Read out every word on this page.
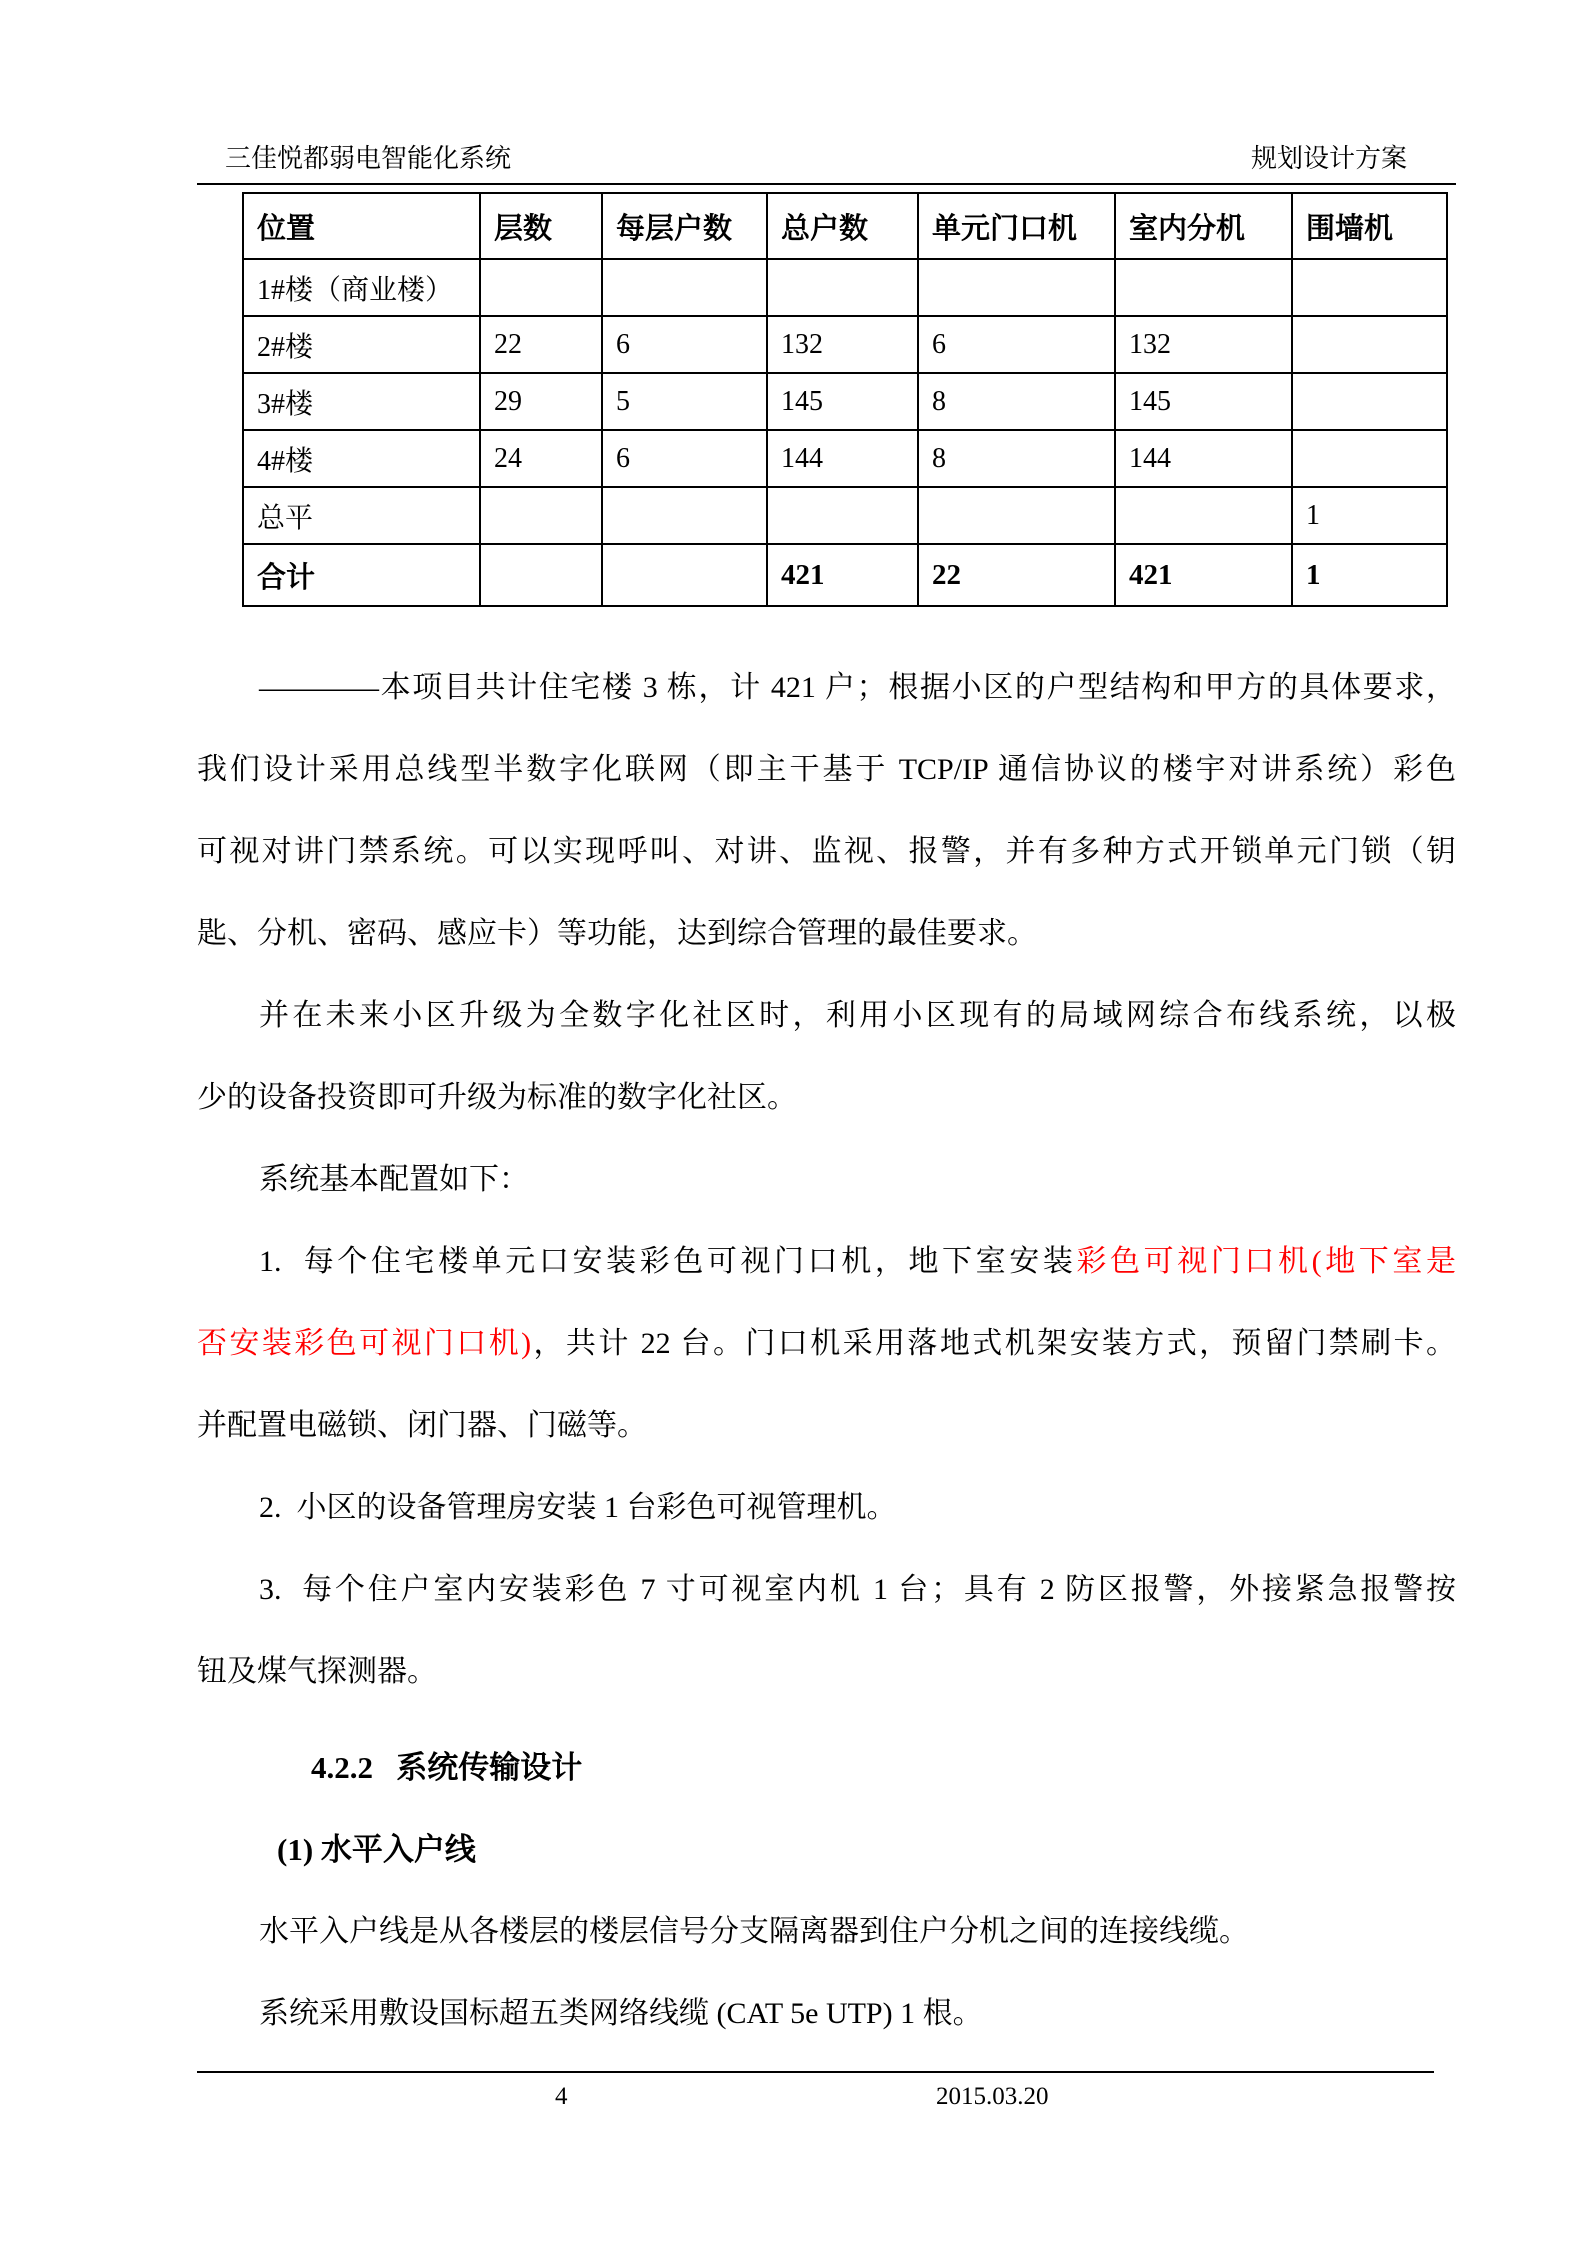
三佳悦都弱电智能化系统	规划设计方案
位置	层数	每层户数	总户数	单元门口机	室内分机	围墙机
1#楼（商业楼）						
2#楼	22	6	132	6	132	
3#楼	29	5	145	8	145	
4#楼	24	6	144	8	144	
总平						1
合计			421	22	421	1
————本项目共计住宅楼 3 栋，计 421 户；根据小区的户型结构和甲方的具体要求，
我们设计采用总线型半数字化联网（即主干基于 TCP/IP 通信协议的楼宇对讲系统）彩色
可视对讲门禁系统。可以实现呼叫、对讲、监视、报警，并有多种方式开锁单元门锁（钥
匙、分机、密码、感应卡）等功能，达到综合管理的最佳要求。
并在未来小区升级为全数字化社区时，利用小区现有的局域网综合布线系统，以极
少的设备投资即可升级为标准的数字化社区。
系统基本配置如下：
1.  每个住宅楼单元口安装彩色可视门口机，地下室安装彩色可视门口机(地下室是
否安装彩色可视门口机)，共计 22 台。门口机采用落地式机架安装方式，预留门禁刷卡。
并配置电磁锁、闭门器、门磁等。
2.  小区的设备管理房安装 1 台彩色可视管理机。
3.  每个住户室内安装彩色 7 寸可视室内机 1 台；具有 2 防区报警，外接紧急报警按
钮及煤气探测器。
4.2.2   系统传输设计
(1) 水平入户线
水平入户线是从各楼层的楼层信号分支隔离器到住户分机之间的连接线缆。
系统采用敷设国标超五类网络线缆 (CAT 5e UTP) 1 根。
4	2015.03.20
